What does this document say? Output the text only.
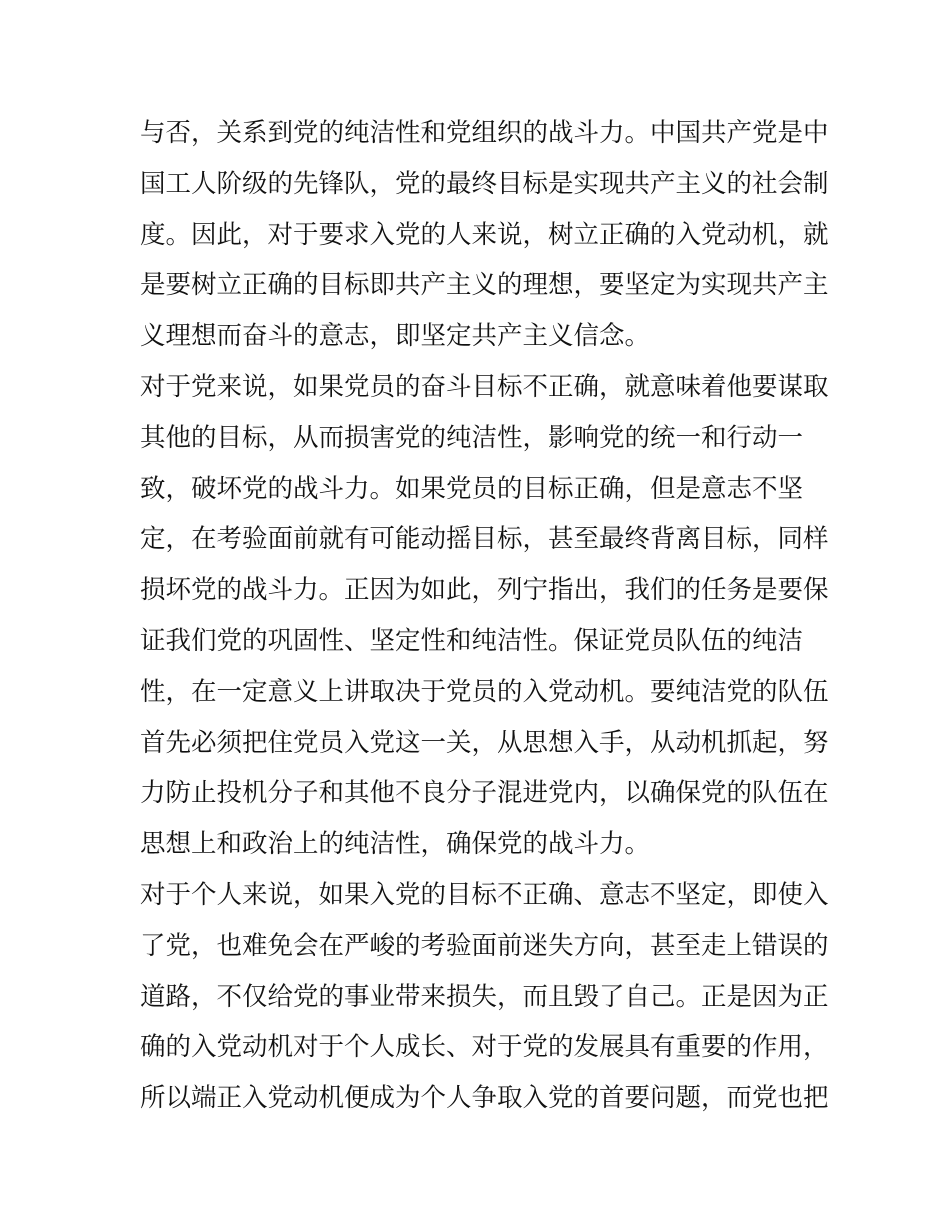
与否，关系到党的纯洁性和党组织的战斗力。中国共产党是中
国工人阶级的先锋队，党的最终目标是实现共产主义的社会制
度。因此，对于要求入党的人来说，树立正确的入党动机，就
是要树立正确的目标即共产主义的理想，要坚定为实现共产主
义理想而奋斗的意志，即坚定共产主义信念。
对于党来说，如果党员的奋斗目标不正确，就意味着他要谋取
其他的目标，从而损害党的纯洁性，影响党的统一和行动一
致，破坏党的战斗力。如果党员的目标正确，但是意志不坚
定，在考验面前就有可能动摇目标，甚至最终背离目标，同样
损坏党的战斗力。正因为如此，列宁指出，我们的任务是要保
证我们党的巩固性、坚定性和纯洁性。保证党员队伍的纯洁
性，在一定意义上讲取决于党员的入党动机。要纯洁党的队伍
首先必须把住党员入党这一关，从思想入手，从动机抓起，努
力防止投机分子和其他不良分子混进党内，以确保党的队伍在
思想上和政治上的纯洁性，确保党的战斗力。
对于个人来说，如果入党的目标不正确、意志不坚定，即使入
了党，也难免会在严峻的考验面前迷失方向，甚至走上错误的
道路，不仅给党的事业带来损失，而且毁了自己。正是因为正
确的入党动机对于个人成长、对于党的发展具有重要的作用，
所以端正入党动机便成为个人争取入党的首要问题，而党也把
